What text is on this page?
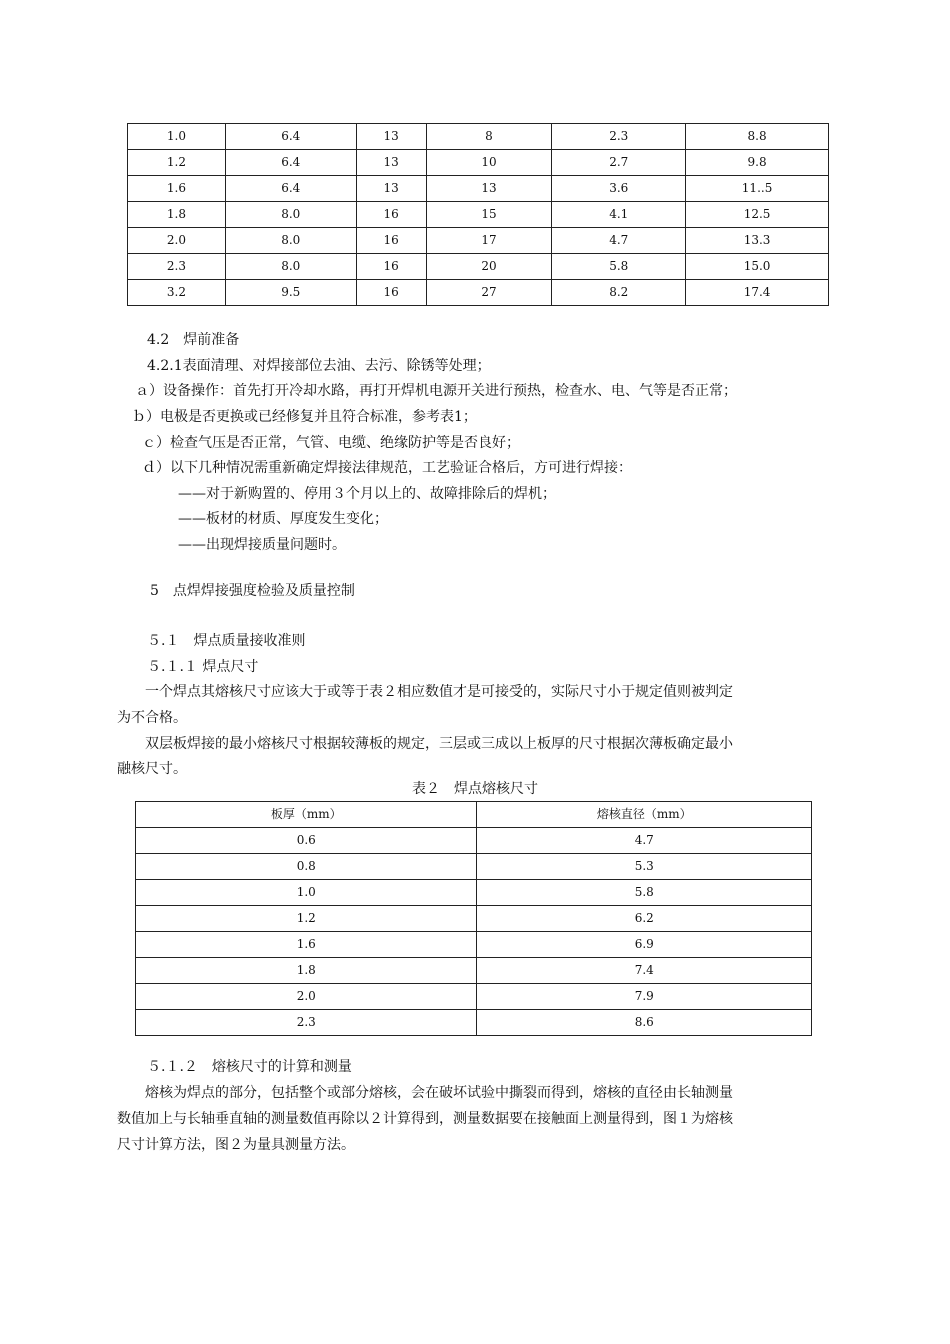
1.0	6.4	13	8	2.3	8.8
1.2	6.4	13	10	2.7	9.8
1.6	6.4	13	13	3.6	11..5
1.8	8.0	16	15	4.1	12.5
2.0	8.0	16	17	4.7	13.3
2.3	8.0	16	20	5.8	15.0
3.2	9.5	16	27	8.2	17.4
4.2　焊前准备
4.2.1表面清理、对焊接部位去油、去污、除锈等处理；
ａ）设备操作：首先打开冷却水路，再打开焊机电源开关进行预热，检查水、电、气等是否正常；
ｂ）电极是否更换或已经修复并且符合标准，参考表1；
ｃ）检查气压是否正常，气管、电缆、绝缘防护等是否良好；
ｄ）以下几种情况需重新确定焊接法律规范，工艺验证合格后，方可进行焊接：
——对于新购置的、停用３个月以上的、故障排除后的焊机；
——板材的材质、厚度发生变化；
——出现焊接质量问题时。
5　点焊焊接强度检验及质量控制
５.１　焊点质量接收准则
５.１.１ 焊点尺寸
一个焊点其熔核尺寸应该大于或等于表２相应数值才是可接受的，实际尺寸小于规定值则被判定
为不合格。
双层板焊接的最小熔核尺寸根据较薄板的规定，三层或三成以上板厚的尺寸根据次薄板确定最小
融核尺寸。
表２　焊点熔核尺寸
板厚（mm）	熔核直径（mm）
0.6	4.7
0.8	5.3
1.0	5.8
1.2	6.2
1.6	6.9
1.8	7.4
2.0	7.9
2.3	8.6
５.１.２　熔核尺寸的计算和测量
熔核为焊点的部分，包括整个或部分熔核，会在破坏试验中撕裂而得到，熔核的直径由长轴测量
数值加上与长轴垂直轴的测量数值再除以２计算得到，测量数据要在接触面上测量得到，图１为熔核
尺寸计算方法，图２为量具测量方法。
